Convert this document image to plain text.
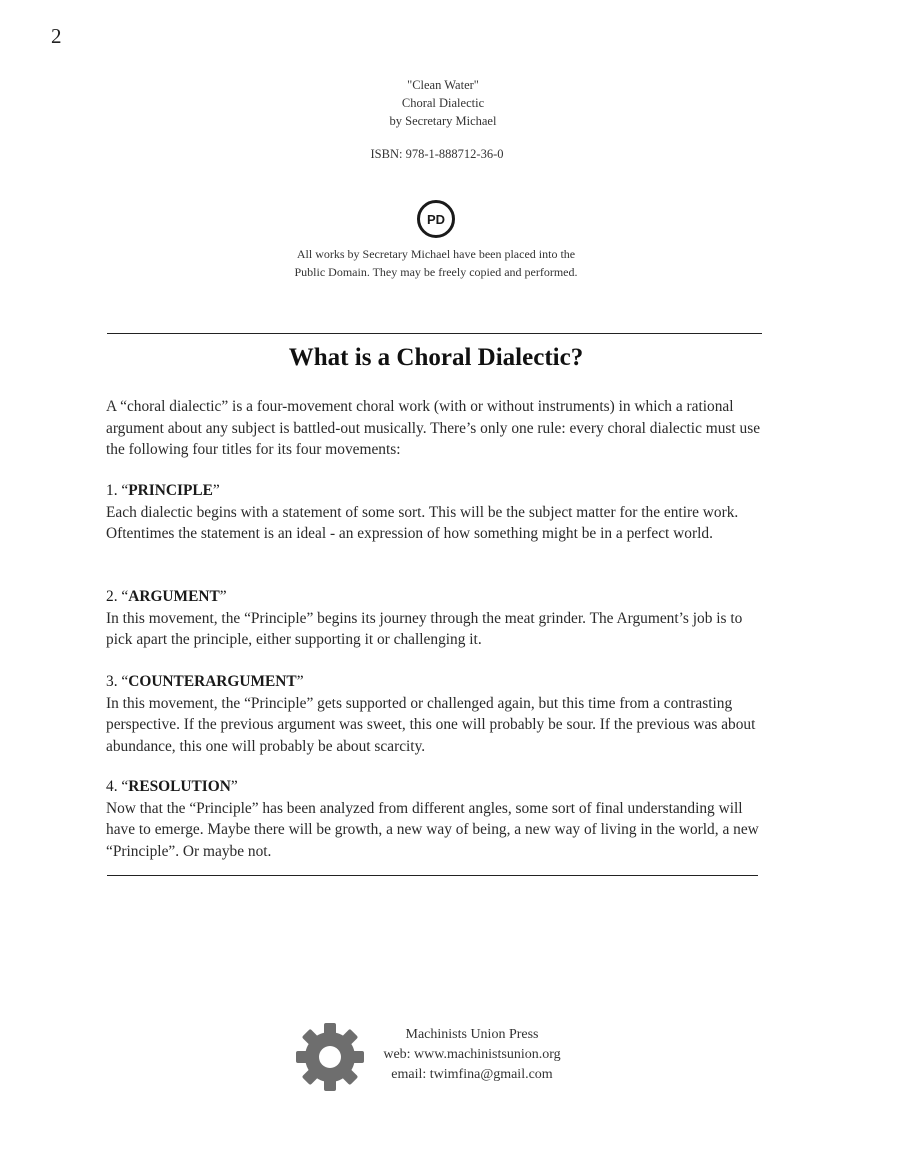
2
"Clean Water"
Choral Dialectic
by Secretary Michael
ISBN: 978-1-888712-36-0
PD
All works by Secretary Michael have been placed into the
Public Domain. They may be freely copied and performed.
What is a Choral Dialectic?

A “choral dialectic” is a four-movement choral work (with or without instruments) in which a rational argument about any subject is battled-out musically. There’s only one rule: every choral dialectic must use the following four titles for its four movements:

1. “PRINCIPLE”

Each dialectic begins with a statement of some sort. This will be the subject matter for the entire work. Oftentimes the statement is an ideal - an expression of how something might be in a perfect world.

2. “ARGUMENT”

In this movement, the “Principle” begins its journey through the meat grinder. The Argument’s job is to pick apart the principle, either supporting it or challenging it.

3. “COUNTERARGUMENT”

In this movement, the “Principle” gets supported or challenged again, but this time from a contrasting perspective. If the previous argument was sweet, this one will probably be sour. If the previous was about abundance, this one will probably be about scarcity.

4. “RESOLUTION”

Now that the “Principle” has been analyzed from different angles, some sort of final understanding will have to emerge. Maybe there will be growth, a new way of being, a new way of living in the world, a new “Principle”. Or maybe not.

Machinists Union Press
web: www.machinistsunion.org
email: twimfina@gmail.com
